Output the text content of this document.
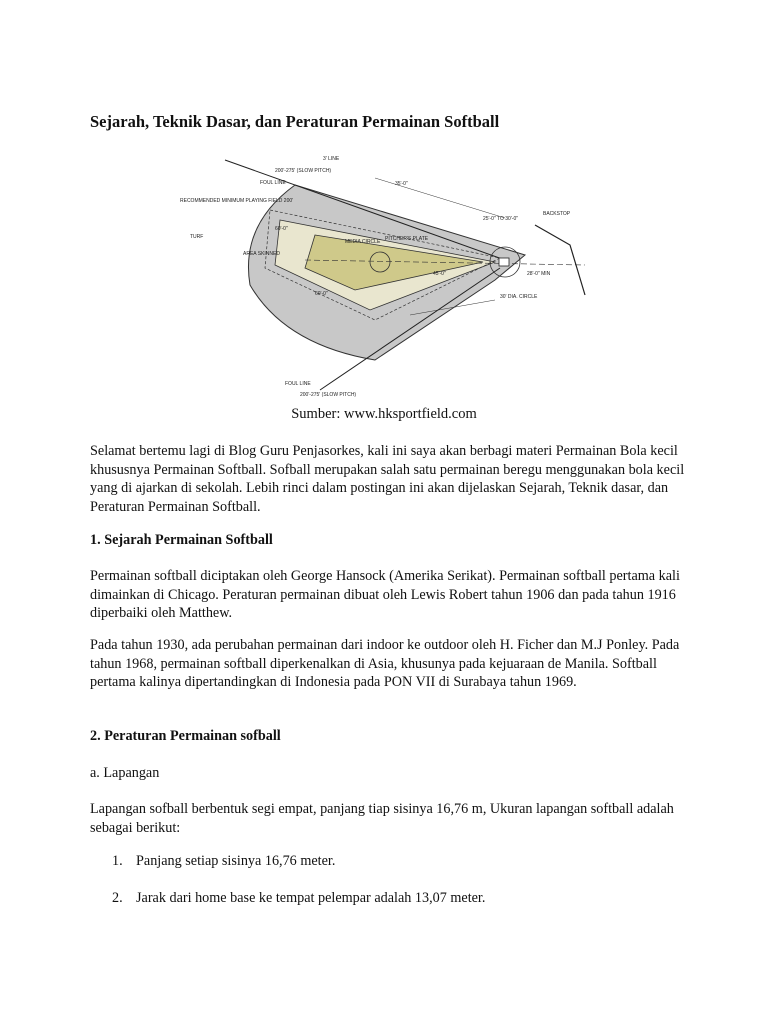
Sejarah, Teknik Dasar, dan Peraturan Permainan Softball
TURF
AREA SKINNED
RECOMMENDED MINIMUM PLAYING FIELD 200'
FOUL LINE
FOUL LINE
200'-275' (SLOW PITCH)
200'-275' (SLOW PITCH)
3' LINE
PITCHER'S PLATE
MEDIA CIRCLE
60'-0"
60'-0"
45'-0"	28'-0" MIN
25'-0" TO 30'-0"
35'-0"
BACKSTOP
30' DIA. CIRCLE
Sumber: www.hksportfield.com

Selamat bertemu lagi di Blog Guru Penjasorkes, kali ini saya akan berbagi materi Permainan Bola kecil khususnya Permainan Softball. Sofball merupakan salah satu permainan beregu menggunakan bola kecil yang di ajarkan di sekolah. Lebih rinci dalam postingan ini akan dijelaskan Sejarah, Teknik dasar, dan Peraturan Permainan Softball.

1. Sejarah Permainan Softball

Permainan softball diciptakan oleh George Hansock (Amerika Serikat). Permainan softball pertama kali dimainkan di Chicago. Peraturan permainan dibuat oleh Lewis Robert tahun 1906 dan pada tahun 1916 diperbaiki oleh Matthew.

Pada tahun 1930, ada perubahan permainan dari indoor ke outdoor oleh H. Ficher dan M.J Ponley. Pada tahun 1968, permainan softball diperkenalkan di Asia, khusunya pada kejuaraan de Manila. Softball pertama kalinya dipertandingkan di Indonesia pada PON VII di Surabaya tahun 1969.

2. Peraturan Permainan sofball

a. Lapangan

Lapangan sofball berbentuk segi empat, panjang tiap sisinya 16,76 m, Ukuran lapangan softball adalah sebagai berikut:

1. Panjang setiap sisinya 16,76 meter.
2. Jarak dari home base ke tempat pelempar adalah 13,07 meter.
